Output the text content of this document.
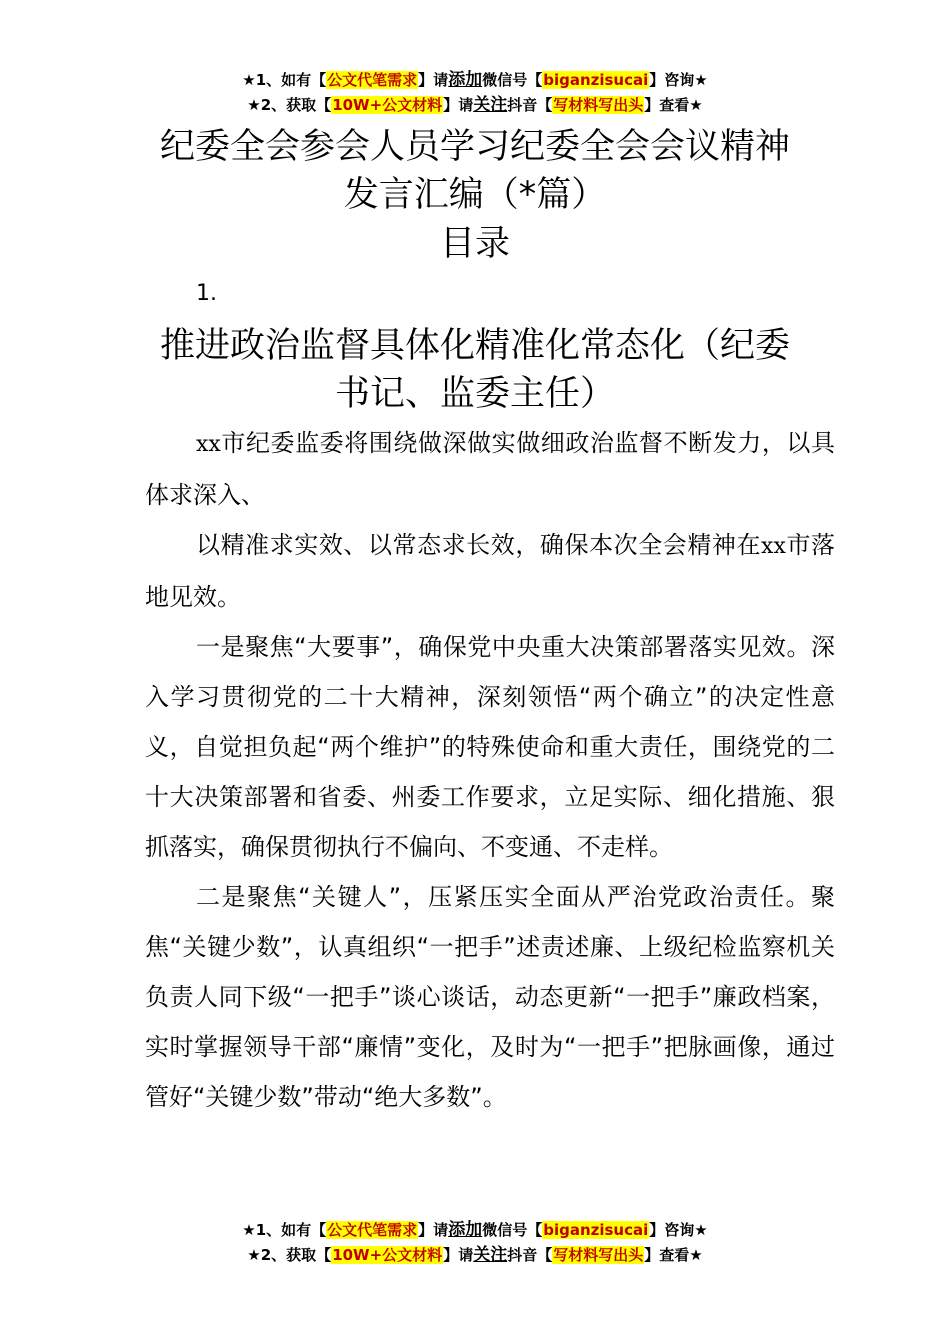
★1、如有【公文代笔需求】请添加微信号【biganzisucai】咨询★
★2、获取【10W+公文材料】请关注抖音【写材料写出头】查看★
纪委全会参会人员学习纪委全会会议精神
发言汇编（*篇）
目录
1.
推进政治监督具体化精准化常态化（纪委
书记、监委主任）

xx市纪委监委将围绕做深做实做细政治监督不断发力，以具体求深入、

以精准求实效、以常态求长效，确保本次全会精神在xx市落地见效。

一是聚焦“大要事”，确保党中央重大决策部署落实见效。深入学习贯彻党的二十大精神，深刻领悟“两个确立”的决定性意义，自觉担负起“两个维护”的特殊使命和重大责任，围绕党的二十大决策部署和省委、州委工作要求，立足实际、细化措施、狠抓落实，确保贯彻执行不偏向、不变通、不走样。

二是聚焦“关键人”，压紧压实全面从严治党政治责任。聚焦“关键少数”，认真组织“一把手”述责述廉、上级纪检监察机关负责人同下级“一把手”谈心谈话，动态更新“一把手”廉政档案，实时掌握领导干部“廉情”变化，及时为“一把手”把脉画像，通过管好“关键少数”带动“绝大多数”。

★1、如有【公文代笔需求】请添加微信号【biganzisucai】咨询★
★2、获取【10W+公文材料】请关注抖音【写材料写出头】查看★
